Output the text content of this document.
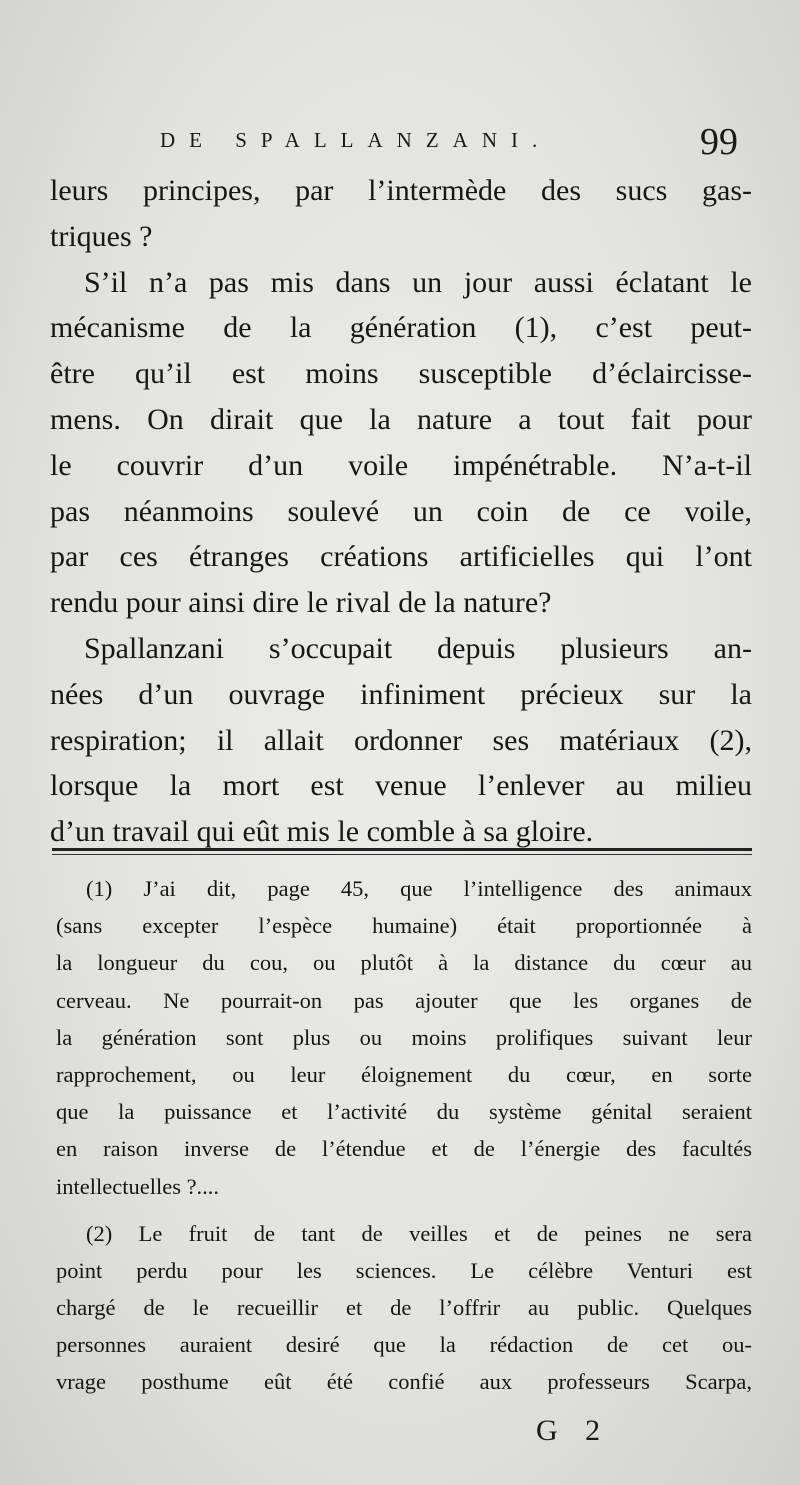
DE SPALLANZANI.	99
leurs principes, par l’intermède des sucs gas-
triques ?
S’il n’a pas mis dans un jour aussi éclatant le
mécanisme de la génération (1), c’est peut-
être qu’il est moins susceptible d’éclaircisse-
mens. On dirait que la nature a tout fait pour
le couvrir d’un voile impénétrable. N’a-t-il
pas néanmoins soulevé un coin de ce voile,
par ces étranges créations artificielles qui l’ont
rendu pour ainsi dire le rival de la nature?
Spallanzani s’occupait depuis plusieurs an-
nées d’un ouvrage infiniment précieux sur la
respiration; il allait ordonner ses matériaux (2),
lorsque la mort est venue l’enlever au milieu
d’un travail qui eût mis le comble à sa gloire.
(1) J’ai dit, page 45, que l’intelligence des animaux
(sans excepter l’espèce humaine) était proportionnée à
la longueur du cou, ou plutôt à la distance du cœur au
cerveau. Ne pourrait-on pas ajouter que les organes de
la génération sont plus ou moins prolifiques suivant leur
rapprochement, ou leur éloignement du cœur, en sorte
que la puissance et l’activité du système génital seraient
en raison inverse de l’étendue et de l’énergie des facultés
intellectuelles ?....
(2) Le fruit de tant de veilles et de peines ne sera
point perdu pour les sciences. Le célèbre Venturi est
chargé de le recueillir et de l’offrir au public. Quelques
personnes auraient desiré que la rédaction de cet ou-
vrage posthume eût été confié aux professeurs Scarpa,
G 2
